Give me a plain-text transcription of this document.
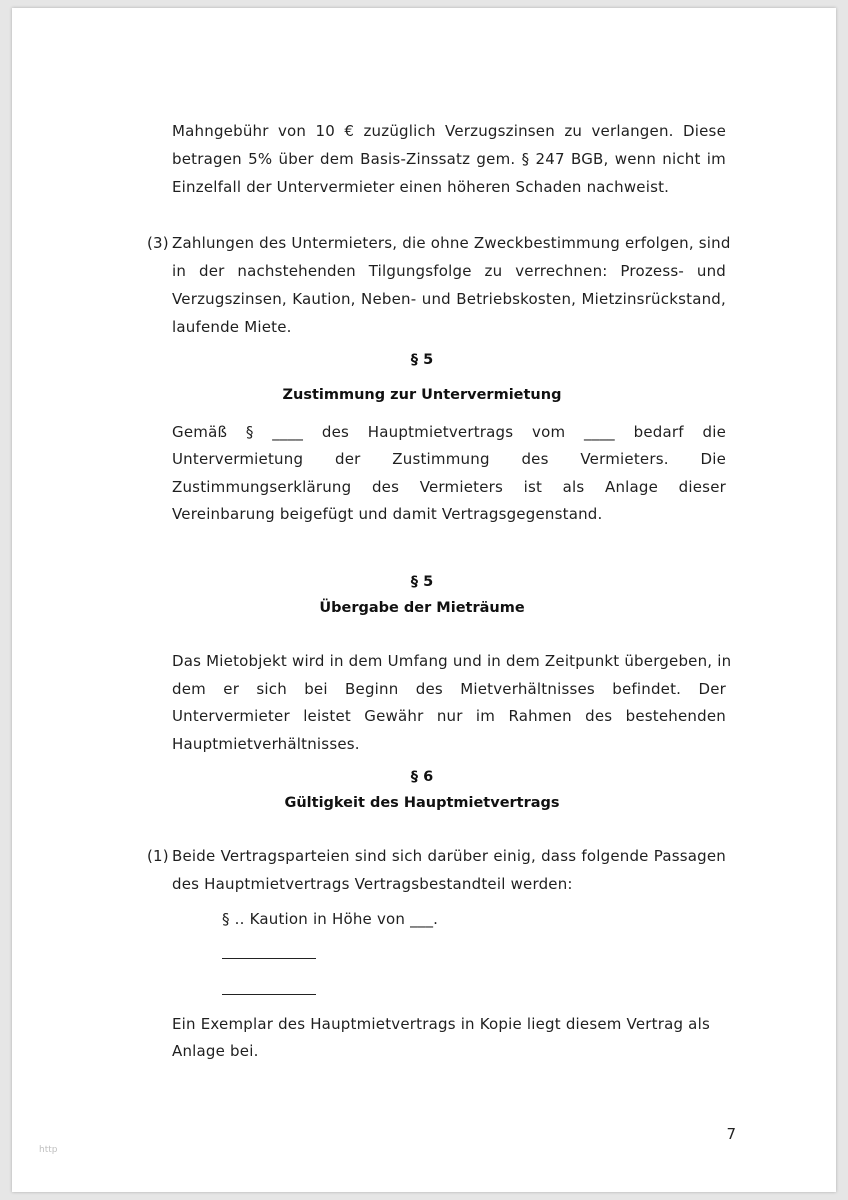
Mahngebühr von 10 € zuzüglich Verzugszinsen zu verlangen. Diese
betragen 5% über dem Basis-Zinssatz gem. § 247 BGB, wenn nicht im
Einzelfall der Untervermieter einen höheren Schaden nachweist.
(3) Zahlungen des Untermieters, die ohne Zweckbestimmung erfolgen, sind
in der nachstehenden Tilgungsfolge zu verrechnen: Prozess- und
Verzugszinsen, Kaution, Neben- und Betriebskosten, Mietzinsrückstand,
laufende Miete.
§ 5
Zustimmung zur Untervermietung
Gemäß § ____ des Hauptmietvertrags vom ____ bedarf die
Untervermietung der Zustimmung des Vermieters. Die
Zustimmungserklärung des Vermieters ist als Anlage dieser
Vereinbarung beigefügt und damit Vertragsgegenstand.
§ 5
Übergabe der Mieträume
Das Mietobjekt wird in dem Umfang und in dem Zeitpunkt übergeben, in
dem er sich bei Beginn des Mietverhältnisses befindet. Der
Untervermieter leistet Gewähr nur im Rahmen des bestehenden
Hauptmietverhältnisses.
§ 6
Gültigkeit des Hauptmietvertrags
(1) Beide Vertragsparteien sind sich darüber einig, dass folgende Passagen
des Hauptmietvertrags Vertragsbestandteil werden:
§ .. Kaution in Höhe von ___.
Ein Exemplar des Hauptmietvertrags in Kopie liegt diesem Vertrag als
Anlage bei.
7
http
